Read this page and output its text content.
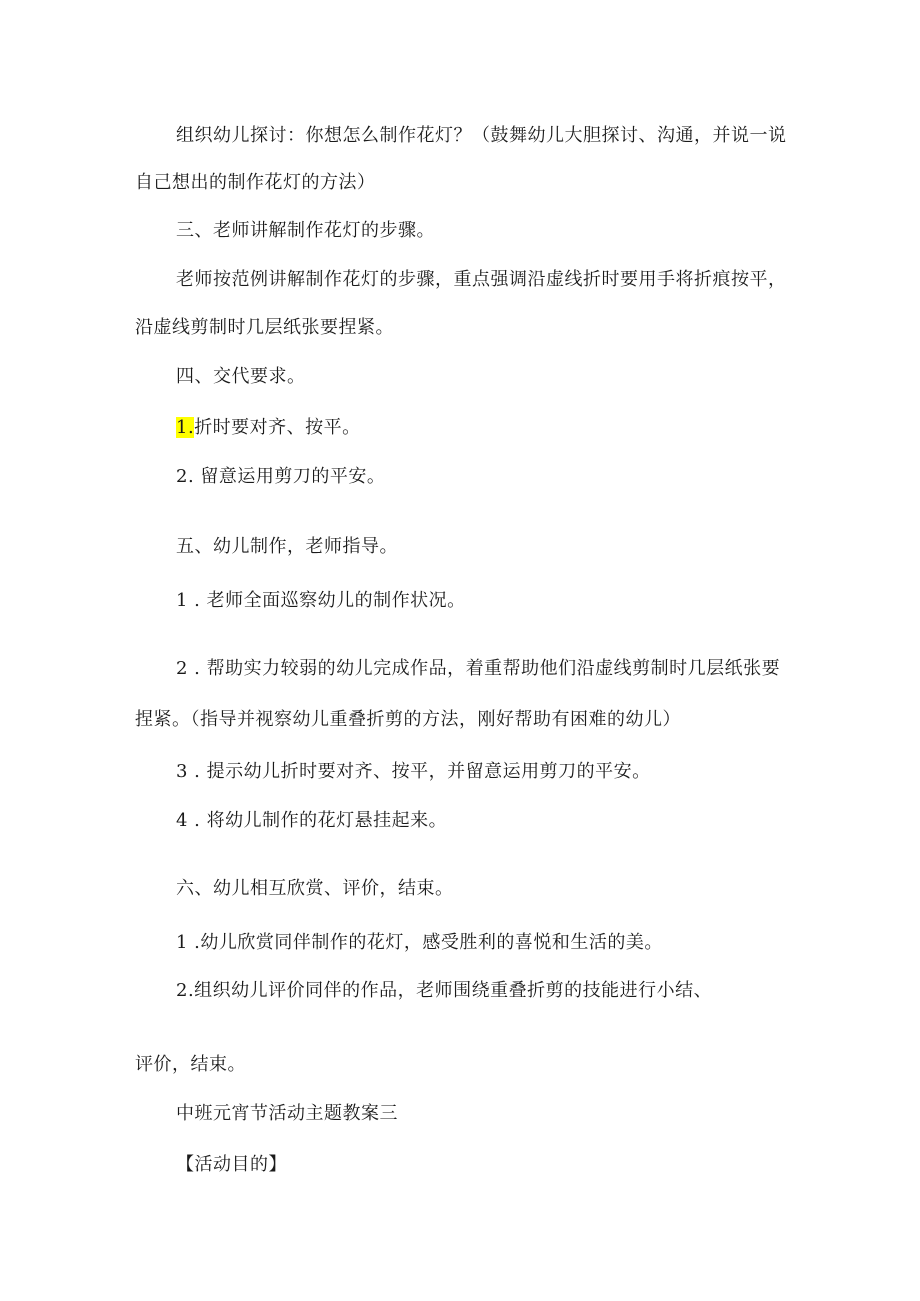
组织幼儿探讨：你想怎么制作花灯？（鼓舞幼儿大胆探讨、沟通，并说一说
自己想出的制作花灯的方法）
三、老师讲解制作花灯的步骤。
老师按范例讲解制作花灯的步骤，重点强调沿虚线折时要用手将折痕按平，
沿虚线剪制时几层纸张要捏紧。
四、交代要求。
1.折时要对齐、按平。
2. 留意运用剪刀的平安。
五、幼儿制作，老师指导。
1 . 老师全面巡察幼儿的制作状况。
2 . 帮助实力较弱的幼儿完成作品，着重帮助他们沿虚线剪制时几层纸张要
捏紧。（指导并视察幼儿重叠折剪的方法，刚好帮助有困难的幼儿）
3 . 提示幼儿折时要对齐、按平，并留意运用剪刀的平安。
4 . 将幼儿制作的花灯悬挂起来。
六、幼儿相互欣赏、评价，结束。
1 .幼儿欣赏同伴制作的花灯，感受胜利的喜悦和生活的美。
2.组织幼儿评价同伴的作品，老师围绕重叠折剪的技能进行小结、
评价，结束。
中班元宵节活动主题教案三
【活动目的】
